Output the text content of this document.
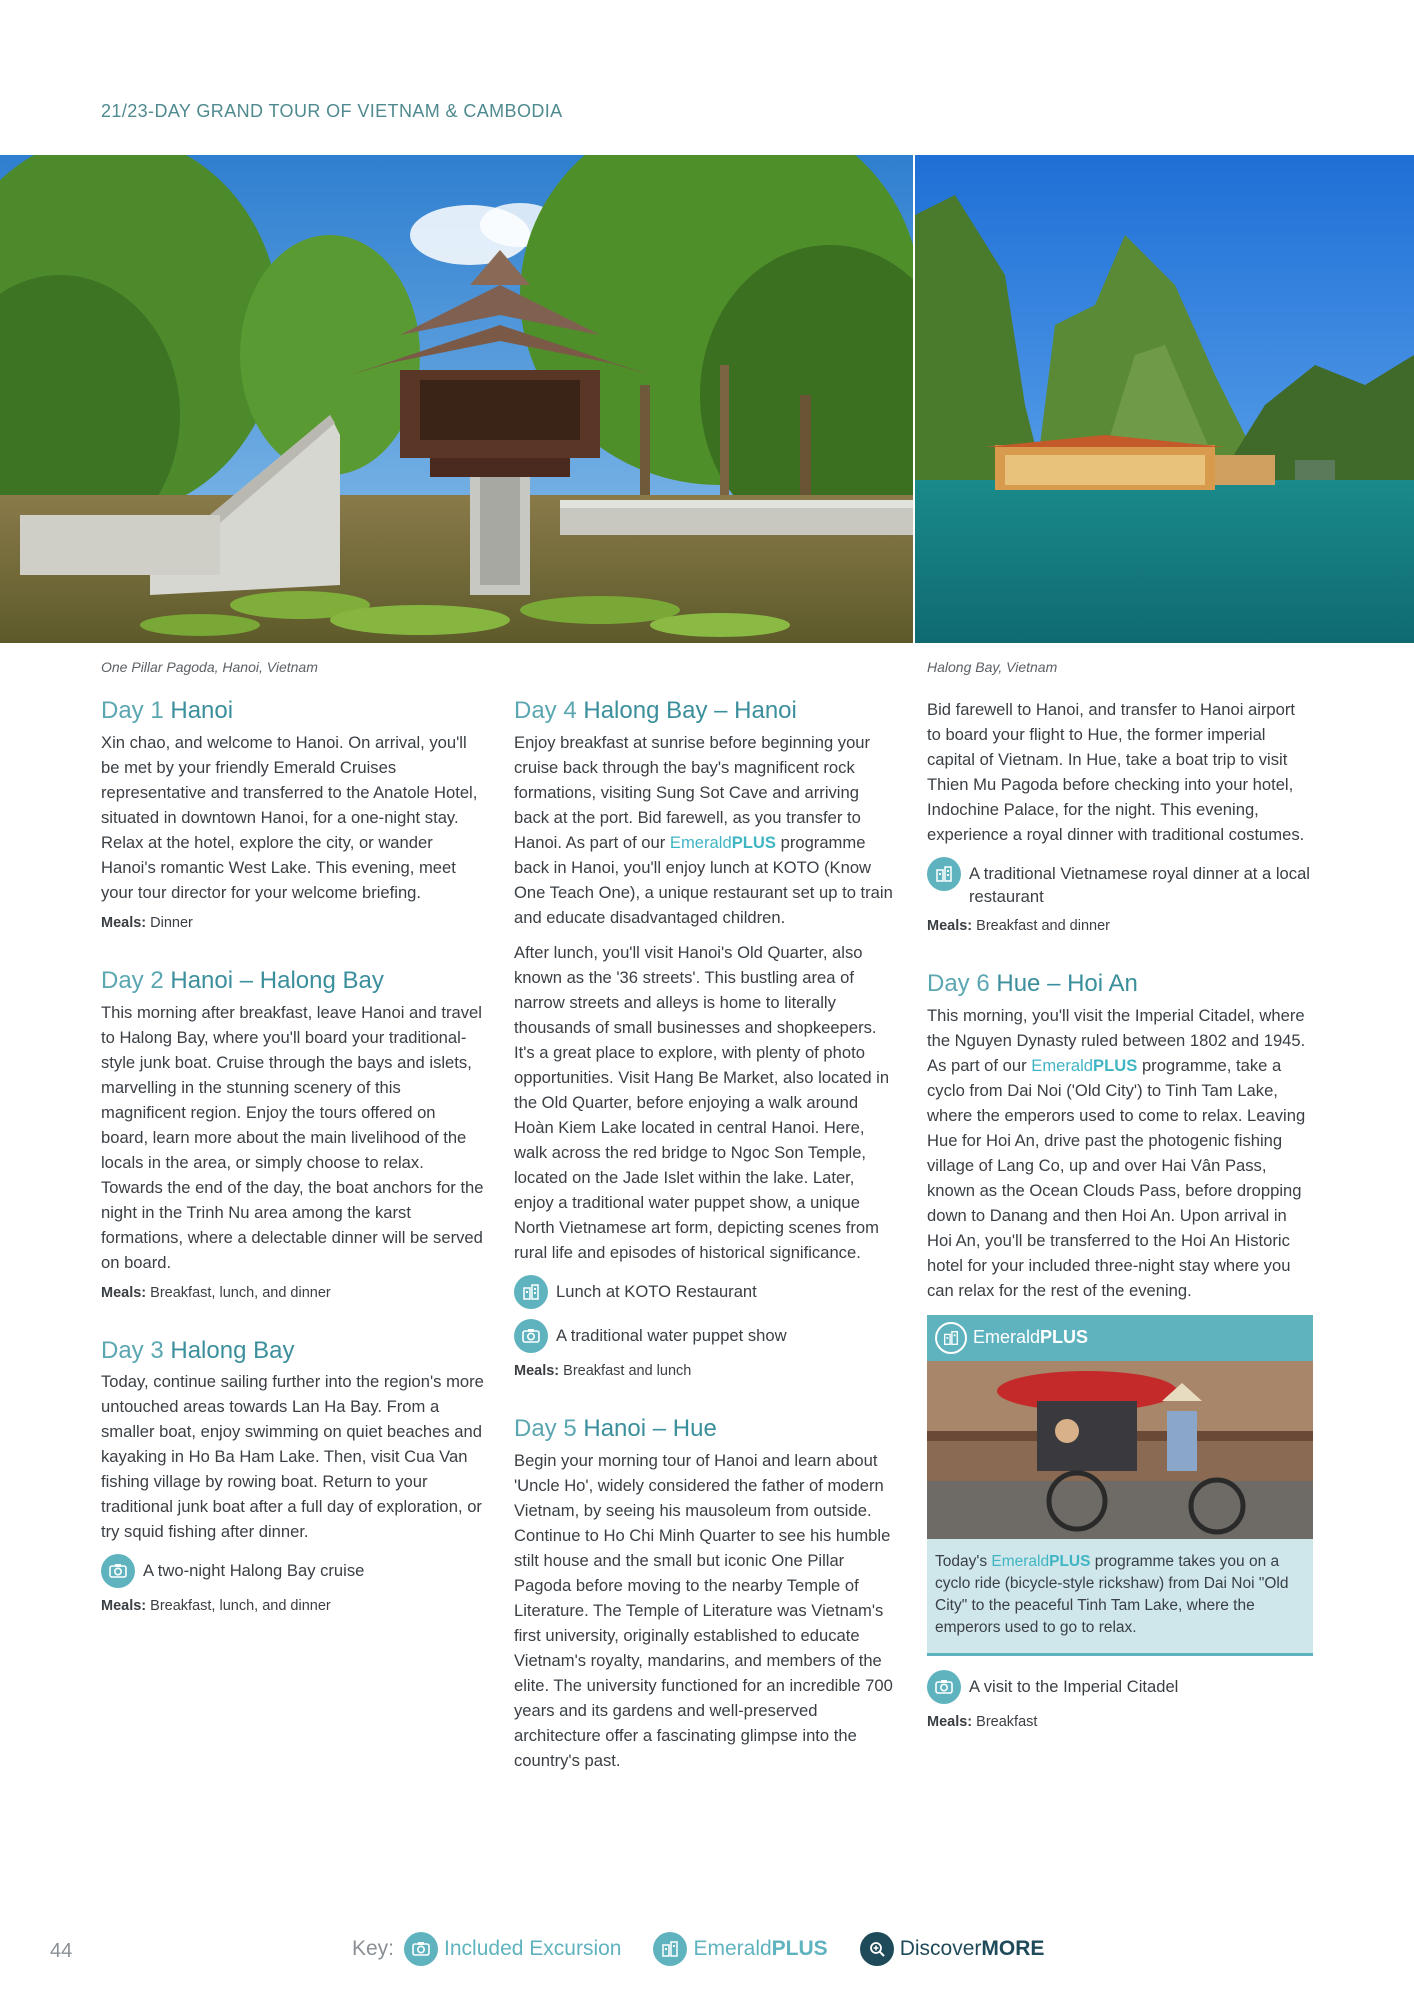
21/23-DAY GRAND TOUR OF VIETNAM & CAMBODIA
One Pillar Pagoda, Hanoi, Vietnam	Halong Bay, Vietnam
Day 1 Hanoi

Xin chao, and welcome to Hanoi. On arrival, you'll be met by your friendly Emerald Cruises representative and transferred to the Anatole Hotel, situated in downtown Hanoi, for a one-night stay. Relax at the hotel, explore the city, or wander Hanoi's romantic West Lake. This evening, meet your tour director for your welcome briefing.

Meals: Dinner
Day 2 Hanoi – Halong Bay

This morning after breakfast, leave Hanoi and travel to Halong Bay, where you'll board your traditional-style junk boat. Cruise through the bays and islets, marvelling in the stunning scenery of this magnificent region. Enjoy the tours offered on board, learn more about the main livelihood of the locals in the area, or simply choose to relax. Towards the end of the day, the boat anchors for the night in the Trinh Nu area among the karst formations, where a delectable dinner will be served on board.

Meals: Breakfast, lunch, and dinner
Day 3 Halong Bay

Today, continue sailing further into the region's more untouched areas towards Lan Ha Bay. From a smaller boat, enjoy swimming on quiet beaches and kayaking in Ho Ba Ham Lake. Then, visit Cua Van fishing village by rowing boat. Return to your traditional junk boat after a full day of exploration, or try squid fishing after dinner.

A two-night Halong Bay cruise
Meals: Breakfast, lunch, and dinner
Day 4 Halong Bay – Hanoi

Enjoy breakfast at sunrise before beginning your cruise back through the bay's magnificent rock formations, visiting Sung Sot Cave and arriving back at the port. Bid farewell, as you transfer to Hanoi. As part of our EmeraldPLUS programme back in Hanoi, you'll enjoy lunch at KOTO (Know One Teach One), a unique restaurant set up to train and educate disadvantaged children.

After lunch, you'll visit Hanoi's Old Quarter, also known as the '36 streets'. This bustling area of narrow streets and alleys is home to literally thousands of small businesses and shopkeepers. It's a great place to explore, with plenty of photo opportunities. Visit Hang Be Market, also located in the Old Quarter, before enjoying a walk around Hoàn Kiem Lake located in central Hanoi. Here, walk across the red bridge to Ngoc Son Temple, located on the Jade Islet within the lake. Later, enjoy a traditional water puppet show, a unique North Vietnamese art form, depicting scenes from rural life and episodes of historical significance.

Lunch at KOTO Restaurant
A traditional water puppet show
Meals: Breakfast and lunch
Day 5 Hanoi – Hue

Begin your morning tour of Hanoi and learn about 'Uncle Ho', widely considered the father of modern Vietnam, by seeing his mausoleum from outside. Continue to Ho Chi Minh Quarter to see his humble stilt house and the small but iconic One Pillar Pagoda before moving to the nearby Temple of Literature. The Temple of Literature was Vietnam's first university, originally established to educate Vietnam's royalty, mandarins, and members of the elite. The university functioned for an incredible 700 years and its gardens and well-preserved architecture offer a fascinating glimpse into the country's past.

Bid farewell to Hanoi, and transfer to Hanoi airport to board your flight to Hue, the former imperial capital of Vietnam. In Hue, take a boat trip to visit Thien Mu Pagoda before checking into your hotel, Indochine Palace, for the night. This evening, experience a royal dinner with traditional costumes.

A traditional Vietnamese royal dinner at a local restaurant
Meals: Breakfast and dinner
Day 6 Hue – Hoi An

This morning, you'll visit the Imperial Citadel, where the Nguyen Dynasty ruled between 1802 and 1945. As part of our EmeraldPLUS programme, take a cyclo from Dai Noi ('Old City') to Tinh Tam Lake, where the emperors used to come to relax. Leaving Hue for Hoi An, drive past the photogenic fishing village of Lang Co, up and over Hai Vân Pass, known as the Ocean Clouds Pass, before dropping down to Danang and then Hoi An. Upon arrival in Hoi An, you'll be transferred to the Hoi An Historic hotel for your included three-night stay where you can relax for the rest of the evening.

Emerald PLUS
Today's EmeraldPLUS programme takes you on a cyclo ride (bicycle-style rickshaw) from Dai Noi "Old City" to the peaceful Tinh Tam Lake, where the emperors used to go to relax.
A visit to the Imperial Citadel
Meals: Breakfast
44	Key: Included Excursion	EmeraldPLUS	DiscoverMORE
